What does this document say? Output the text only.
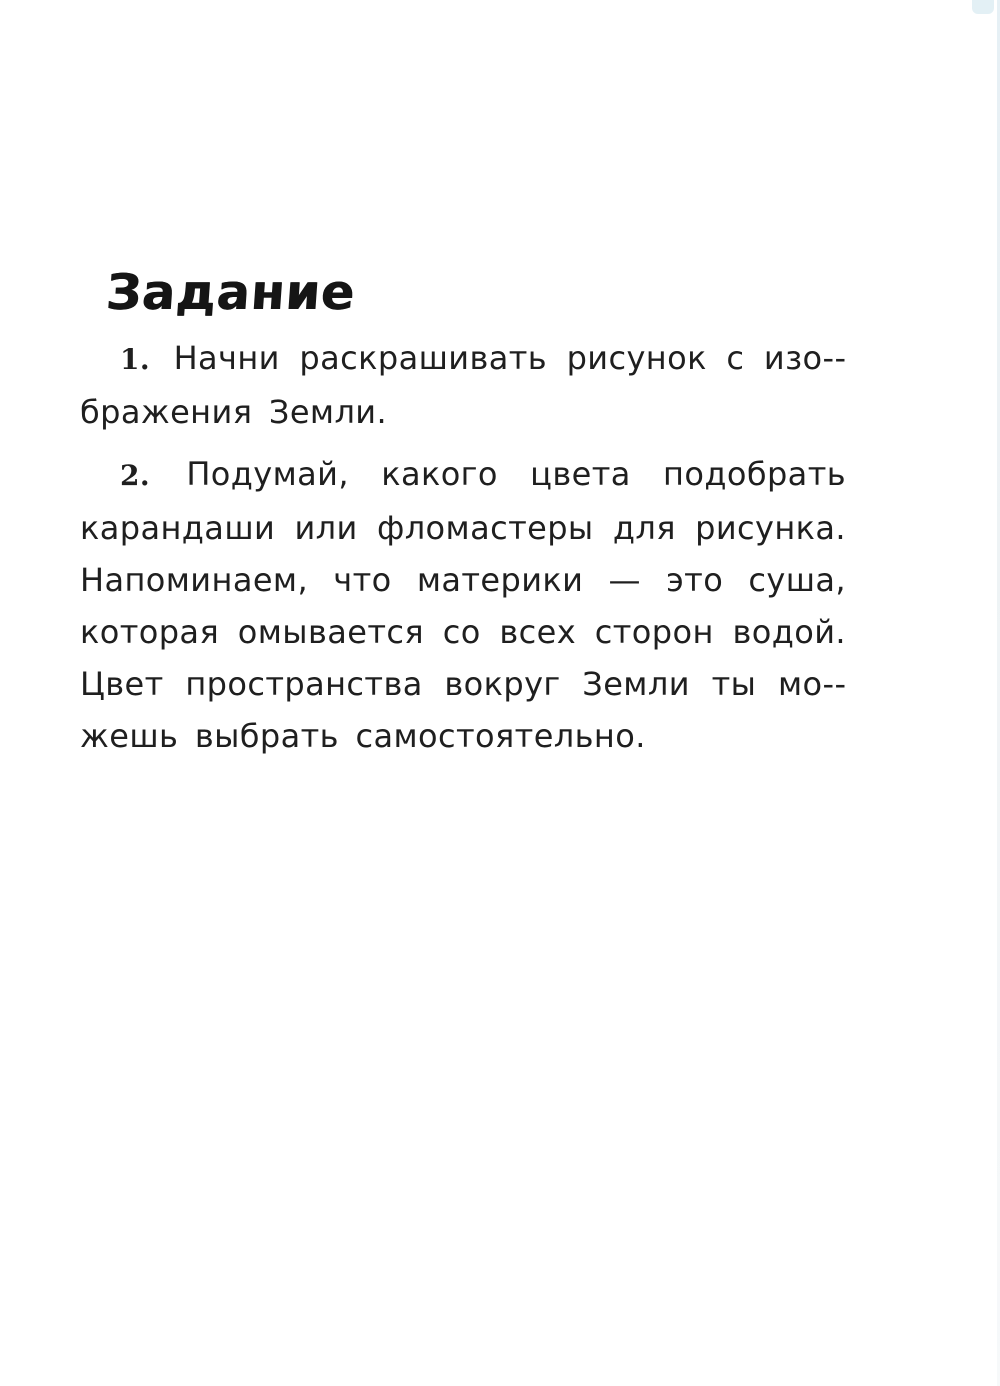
Задание

1. Начни раскрашивать рисунок с изо-бражения Земли.

2. Подумай, какого цвета подобрать карандаши или фломастеры для рисунка. Напоминаем, что материки — это суша, которая омывается со всех сторон водой. Цвет пространства вокруг Земли ты мо-жешь выбрать самостоятельно.
